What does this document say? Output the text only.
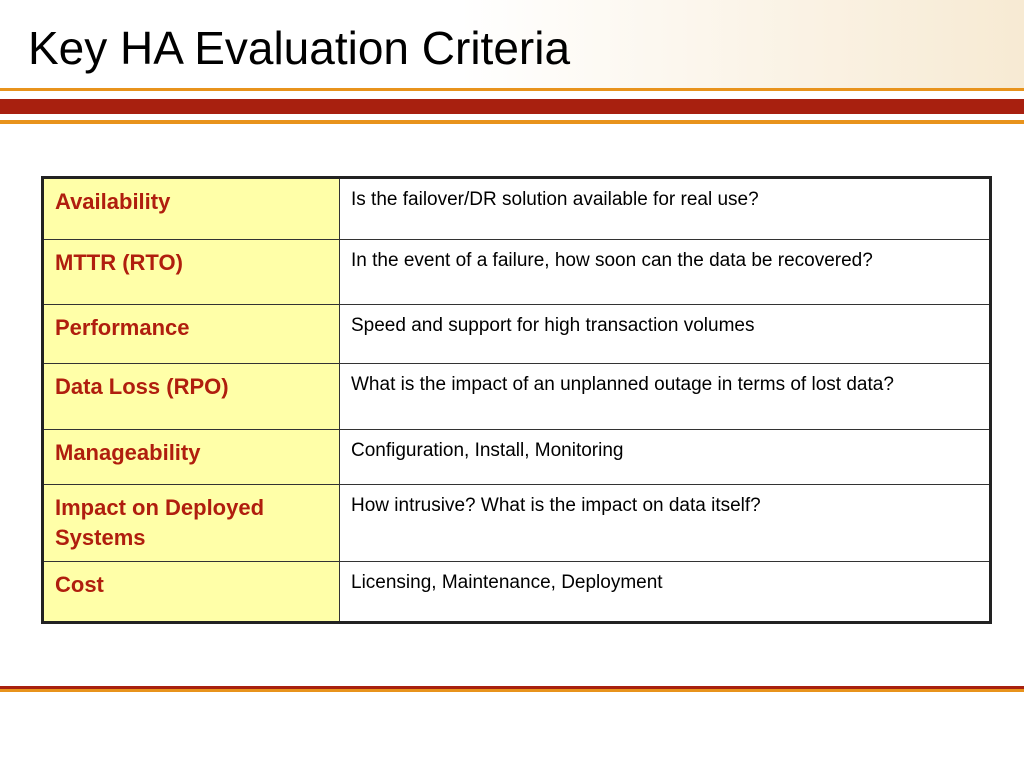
Key HA Evaluation Criteria
Availability	Is the failover/DR solution available for real use?
MTTR (RTO)	In the event of a failure, how soon can the data be recovered?
Performance	Speed and support for high transaction volumes
Data Loss (RPO)	What is the impact of an unplanned outage in terms of lost data?
Manageability	Configuration, Install, Monitoring
Impact on Deployed Systems	How intrusive? What is the impact on data itself?
Cost	Licensing, Maintenance, Deployment
